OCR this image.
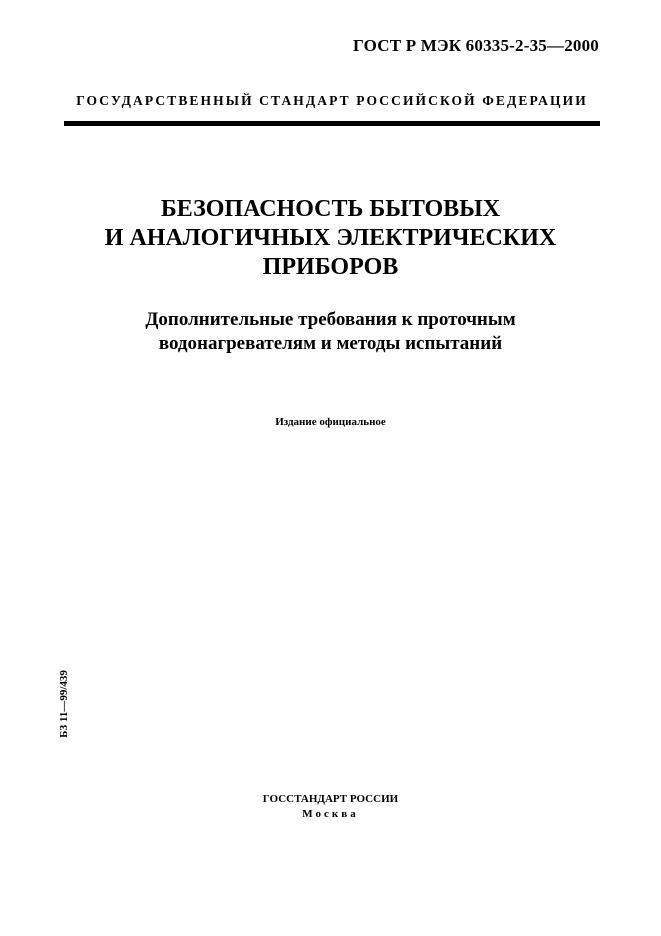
ГОСТ Р МЭК 60335-2-35—2000
ГОСУДАРСТВЕННЫЙ СТАНДАРТ РОССИЙСКОЙ ФЕДЕРАЦИИ
БЕЗОПАСНОСТЬ БЫТОВЫХ
И АНАЛОГИЧНЫХ ЭЛЕКТРИЧЕСКИХ
ПРИБОРОВ
Дополнительные требования к проточным
водонагревателям и методы испытаний
Издание официальное
БЗ 11—99/439
ГОССТАНДАРТ РОССИИ
Москва
